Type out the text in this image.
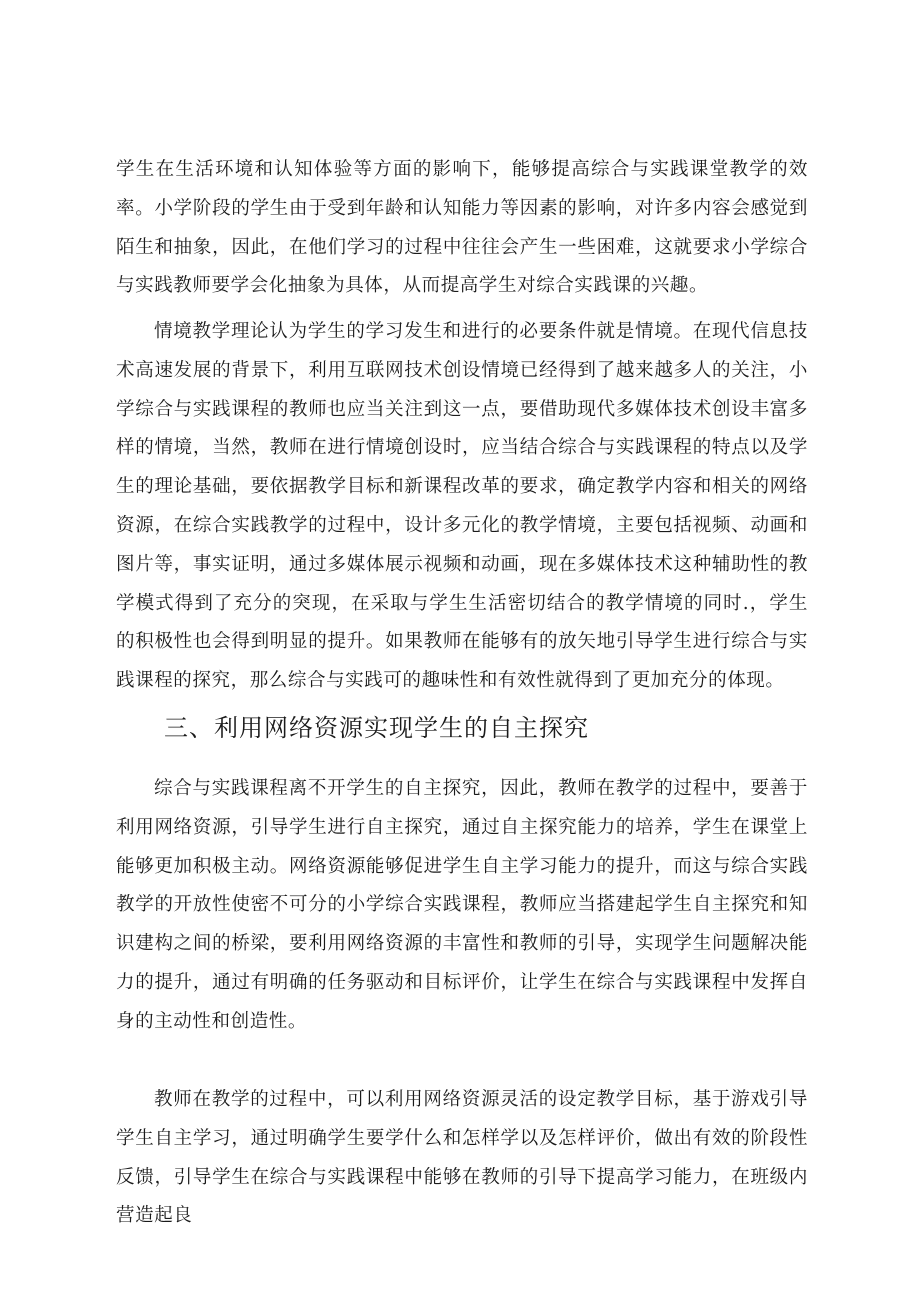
学生在生活环境和认知体验等方面的影响下，能够提高综合与实践课堂教学的效率。小学阶段的学生由于受到年龄和认知能力等因素的影响，对许多内容会感觉到陌生和抽象，因此，在他们学习的过程中往往会产生一些困难，这就要求小学综合与实践教师要学会化抽象为具体，从而提高学生对综合实践课的兴趣。

情境教学理论认为学生的学习发生和进行的必要条件就是情境。在现代信息技术高速发展的背景下，利用互联网技术创设情境已经得到了越来越多人的关注，小学综合与实践课程的教师也应当关注到这一点，要借助现代多媒体技术创设丰富多样的情境，当然，教师在进行情境创设时，应当结合综合与实践课程的特点以及学生的理论基础，要依据教学目标和新课程改革的要求，确定教学内容和相关的网络资源，在综合实践教学的过程中，设计多元化的教学情境，主要包括视频、动画和图片等，事实证明，通过多媒体展示视频和动画，现在多媒体技术这种辅助性的教学模式得到了充分的突现，在采取与学生生活密切结合的教学情境的同时.，学生的积极性也会得到明显的提升。如果教师在能够有的放矢地引导学生进行综合与实践课程的探究，那么综合与实践可的趣味性和有效性就得到了更加充分的体现。

三、利用网络资源实现学生的自主探究

综合与实践课程离不开学生的自主探究，因此，教师在教学的过程中，要善于利用网络资源，引导学生进行自主探究，通过自主探究能力的培养，学生在课堂上能够更加积极主动。网络资源能够促进学生自主学习能力的提升，而这与综合实践教学的开放性使密不可分的小学综合实践课程，教师应当搭建起学生自主探究和知识建构之间的桥梁，要利用网络资源的丰富性和教师的引导，实现学生问题解决能力的提升，通过有明确的任务驱动和目标评价，让学生在综合与实践课程中发挥自身的主动性和创造性。

教师在教学的过程中，可以利用网络资源灵活的设定教学目标，基于游戏引导学生自主学习，通过明确学生要学什么和怎样学以及怎样评价，做出有效的阶段性反馈，引导学生在综合与实践课程中能够在教师的引导下提高学习能力，在班级内营造起良
